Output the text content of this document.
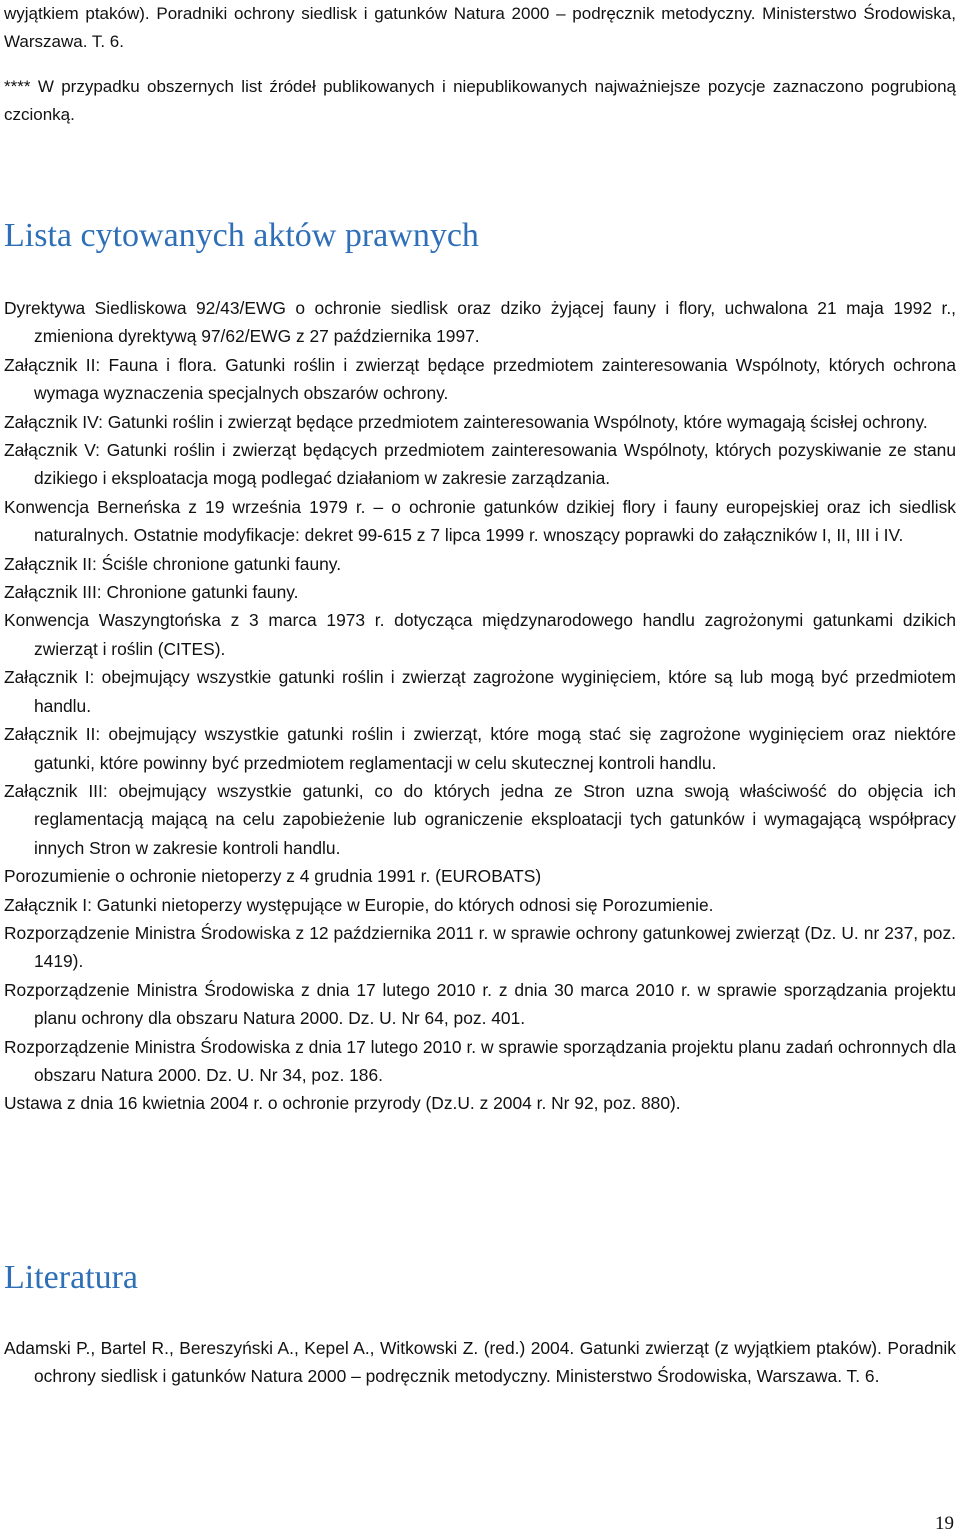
wyjątkiem ptaków). Poradniki ochrony siedlisk i gatunków Natura 2000 – podręcznik metodyczny. Ministerstwo Środowiska, Warszawa. T. 6.

**** W przypadku obszernych list źródeł publikowanych i niepublikowanych najważniejsze pozycje zaznaczono pogrubioną czcionką.

Lista cytowanych aktów prawnych

Dyrektywa Siedliskowa 92/43/EWG o ochronie siedlisk oraz dziko żyjącej fauny i flory, uchwalona 21 maja 1992 r., zmieniona dyrektywą 97/62/EWG z 27 października 1997.

Załącznik II: Fauna i flora. Gatunki roślin i zwierząt będące przedmiotem zainteresowania Wspólnoty, których ochrona wymaga wyznaczenia specjalnych obszarów ochrony.

Załącznik IV: Gatunki roślin i zwierząt będące przedmiotem zainteresowania Wspólnoty, które wymagają ścisłej ochrony.

Załącznik V: Gatunki roślin i zwierząt będących przedmiotem zainteresowania Wspólnoty, których pozyskiwanie ze stanu dzikiego i eksploatacja mogą podlegać działaniom w zakresie zarządzania.

Konwencja Berneńska z 19 września 1979 r. – o ochronie gatunków dzikiej flory i fauny europejskiej oraz ich siedlisk naturalnych. Ostatnie modyfikacje: dekret 99-615 z 7 lipca 1999 r. wnoszący poprawki do załączników I, II, III i IV.

Załącznik II: Ściśle chronione gatunki fauny.

Załącznik III: Chronione gatunki fauny.

Konwencja Waszyngtońska z 3 marca 1973 r. dotycząca międzynarodowego handlu zagrożonymi gatunkami dzikich zwierząt i roślin (CITES).

Załącznik I: obejmujący wszystkie gatunki roślin i zwierząt zagrożone wyginięciem, które są lub mogą być przedmiotem handlu.

Załącznik II: obejmujący wszystkie gatunki roślin i zwierząt, które mogą stać się zagrożone wyginięciem oraz niektóre gatunki, które powinny być przedmiotem reglamentacji w celu skutecznej kontroli handlu.

Załącznik III: obejmujący wszystkie gatunki, co do których jedna ze Stron uzna swoją właściwość do objęcia ich reglamentacją mającą na celu zapobieżenie lub ograniczenie eksploatacji tych gatunków i wymagającą współpracy innych Stron w zakresie kontroli handlu.

Porozumienie o ochronie nietoperzy z 4 grudnia 1991 r. (EUROBATS)

Załącznik I: Gatunki nietoperzy występujące w Europie, do których odnosi się Porozumienie.

Rozporządzenie Ministra Środowiska z 12 października 2011 r. w sprawie ochrony gatunkowej zwierząt (Dz. U. nr 237, poz. 1419).

Rozporządzenie Ministra Środowiska z dnia 17 lutego 2010 r. z dnia 30 marca 2010 r. w sprawie sporządzania projektu planu ochrony dla obszaru Natura 2000. Dz. U. Nr 64, poz. 401.

Rozporządzenie Ministra Środowiska z dnia 17 lutego 2010 r. w sprawie sporządzania projektu planu zadań ochronnych dla obszaru Natura 2000. Dz. U. Nr 34, poz. 186.

Ustawa z dnia 16 kwietnia 2004 r. o ochronie przyrody (Dz.U. z 2004 r. Nr 92, poz. 880).

Literatura

Adamski P., Bartel R., Bereszyński A., Kepel A., Witkowski Z. (red.) 2004. Gatunki zwierząt (z wyjątkiem ptaków). Poradnik ochrony siedlisk i gatunków Natura 2000 – podręcznik metodyczny. Ministerstwo Środowiska, Warszawa. T. 6.

19
